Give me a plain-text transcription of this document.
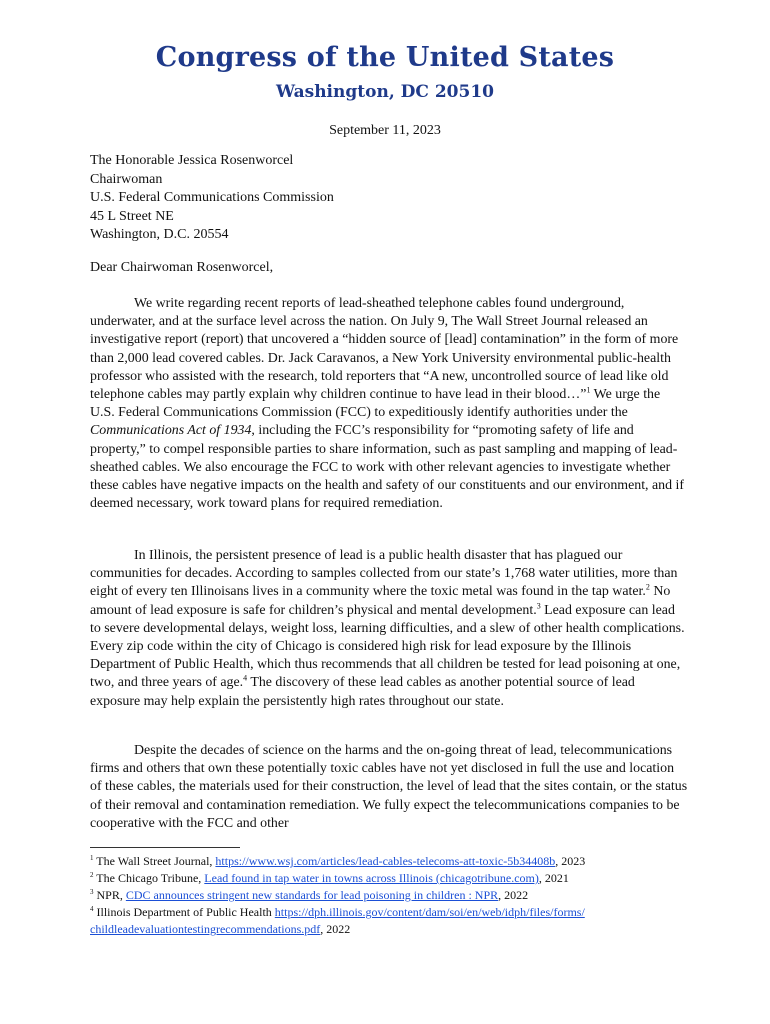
Congress of the United States
Washington, DC 20510
September 11, 2023
The Honorable Jessica Rosenworcel
Chairwoman
U.S. Federal Communications Commission
45 L Street NE
Washington, D.C. 20554
Dear Chairwoman Rosenworcel,

We write regarding recent reports of lead-sheathed telephone cables found underground, underwater, and at the surface level across the nation. On July 9, The Wall Street Journal released an investigative report (report) that uncovered a “hidden source of [lead] contamination” in the form of more than 2,000 lead covered cables. Dr. Jack Caravanos, a New York University environmental public-health professor who assisted with the research, told reporters that “A new, uncontrolled source of lead like old telephone cables may partly explain why children continue to have lead in their blood…”$^1$ We urge the U.S. Federal Communications Commission (FCC) to expeditiously identify authorities under the Communications Act of 1934, including the FCC’s responsibility for “promoting safety of life and property,” to compel responsible parties to share information, such as past sampling and mapping of lead-sheathed cables. We also encourage the FCC to work with other relevant agencies to investigate whether these cables have negative impacts on the health and safety of our constituents and our environment, and if deemed necessary, work toward plans for required remediation.

In Illinois, the persistent presence of lead is a public health disaster that has plagued our communities for decades. According to samples collected from our state’s 1,768 water utilities, more than eight of every ten Illinoisans lives in a community where the toxic metal was found in the tap water.$^2$ No amount of lead exposure is safe for children’s physical and mental development.$^3$ Lead exposure can lead to severe developmental delays, weight loss, learning difficulties, and a slew of other health complications. Every zip code within the city of Chicago is considered high risk for lead exposure by the Illinois Department of Public Health, which thus recommends that all children be tested for lead poisoning at one, two, and three years of age.$^4$ The discovery of these lead cables as another potential source of lead exposure may help explain the persistently high rates throughout our state.

Despite the decades of science on the harms and the on-going threat of lead, telecommunications firms and others that own these potentially toxic cables have not yet disclosed in full the use and location of these cables, the materials used for their construction, the level of lead that the sites contain, or the status of their removal and contamination remediation. We fully expect the telecommunications companies to be cooperative with the FCC and other

$^1$ The Wall Street Journal, https://www.wsj.com/articles/lead-cables-telecoms-att-toxic-5b34408b, 2023
$^2$ The Chicago Tribune, Lead found in tap water in towns across Illinois (chicagotribune.com), 2021
$^3$ NPR, CDC announces stringent new standards for lead poisoning in children : NPR, 2022
$^4$ Illinois Department of Public Health https://dph.illinois.gov/content/dam/soi/en/web/idph/files/forms/
childleadevaluationtestingrecommendations.pdf, 2022
